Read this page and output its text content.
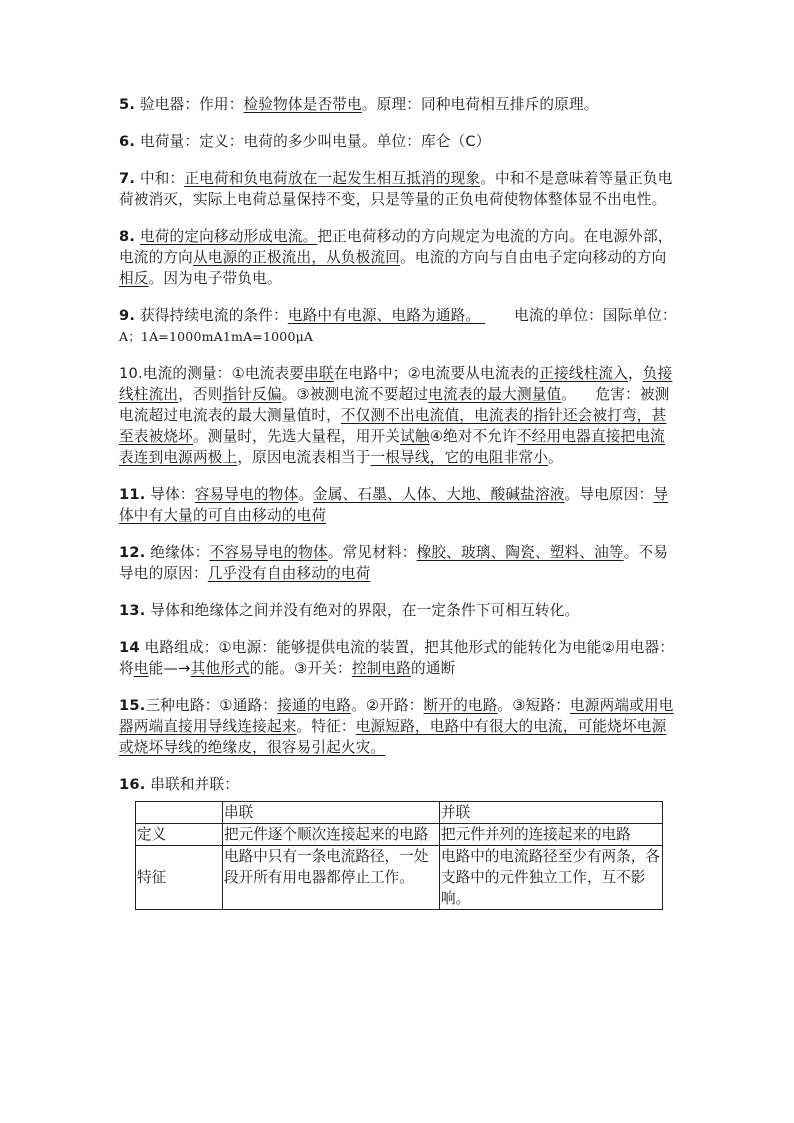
5. 验电器：作用：检验物体是否带电。原理：同种电荷相互排斥的原理。

6. 电荷量：定义：电荷的多少叫电量。单位：库仑（C）

7. 中和：正电荷和负电荷放在一起发生相互抵消的现象。中和不是意味着等量正负电荷被消灭，实际上电荷总量保持不变，只是等量的正负电荷使物体整体显不出电性。

8. 电荷的定向移动形成电流。把正电荷移动的方向规定为电流的方向。在电源外部，电流的方向从电源的正极流出，从负极流回。电流的方向与自由电子定向移动的方向相反。因为电子带负电。

9. 获得持续电流的条件：电路中有电源、电路为通路。       电流的单位：国际单位：A；1A=1000mA1mA=1000μA

10.电流的测量：①电流表要串联在电路中；②电流要从电流表的正接线柱流入，负接线柱流出，否则指针反偏。③被测电流不要超过电流表的最大测量值。    危害：被测电流超过电流表的最大测量值时，不仅测不出电流值，电流表的指针还会被打弯，甚至表被烧坏。测量时，先选大量程，用开关试触④绝对不允许不经用电器直接把电流表连到电源两极上，原因电流表相当于一根导线，它的电阻非常小。

11. 导体：容易导电的物体。金属、石墨、人体、大地、酸碱盐溶液。导电原因：导体中有大量的可自由移动的电荷

12. 绝缘体：不容易导电的物体。常见材料：橡胶、玻璃、陶瓷、塑料、油等。不易导电的原因：几乎没有自由移动的电荷

13. 导体和绝缘体之间并没有绝对的界限，在一定条件下可相互转化。

14 电路组成：①电源：能够提供电流的装置，把其他形式的能转化为电能②用电器：将电能—→其他形式的能。③开关：控制电路的通断

15.三种电路：①通路：接通的电路。②开路：断开的电路。③短路：电源两端或用电器两端直接用导线连接起来。特征：电源短路，电路中有很大的电流，可能烧坏电源或烧坏导线的绝缘皮，很容易引起火灾。

16. 串联和并联：

	串联	并联
定义	把元件逐个顺次连接起来的电路	把元件并列的连接起来的电路
特征	电路中只有一条电流路径，一处段开所有用电器都停止工作。	电路中的电流路径至少有两条，各支路中的元件独立工作，互不影响。
